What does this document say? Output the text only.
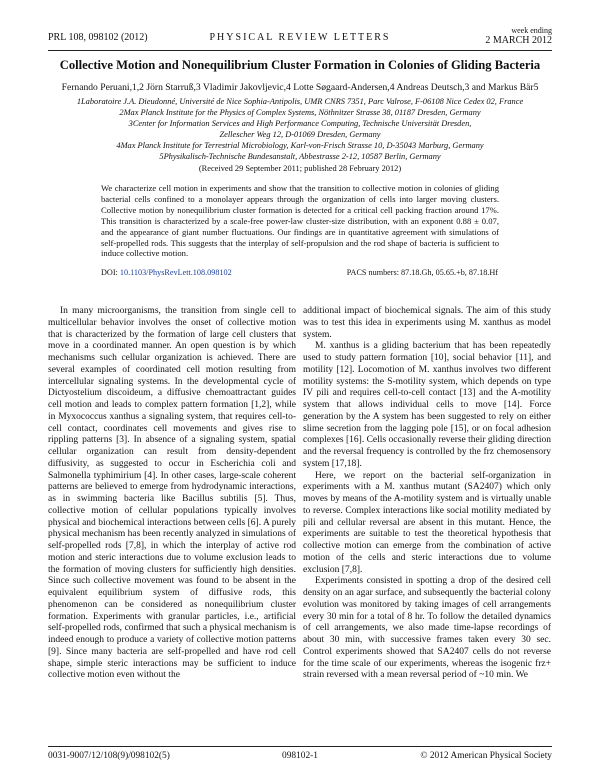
PRL 108, 098102 (2012)	PHYSICAL REVIEW LETTERS
week ending
2 MARCH 2012
Collective Motion and Nonequilibrium Cluster Formation in Colonies of Gliding Bacteria
Fernando Peruani,1,2 Jörn Starruß,3 Vladimir Jakovljevic,4 Lotte Søgaard-Andersen,4 Andreas Deutsch,3 and Markus Bär5
1Laboratoire J.A. Dieudonné, Université de Nice Sophia-Antipolis, UMR CNRS 7351, Parc Valrose, F-06108 Nice Cedex 02, France
2Max Planck Institute for the Physics of Complex Systems, Nöthnitzer Strasse 38, 01187 Dresden, Germany
3Center for Information Services and High Performance Computing, Technische Universität Dresden,
Zellescher Weg 12, D-01069 Dresden, Germany
4Max Planck Institute for Terrestrial Microbiology, Karl-von-Frisch Strasse 10, D-35043 Marburg, Germany
5Physikalisch-Technische Bundesanstalt, Abbestrasse 2-12, 10587 Berlin, Germany
(Received 29 September 2011; published 28 February 2012)
We characterize cell motion in experiments and show that the transition to collective motion in colonies of gliding bacterial cells confined to a monolayer appears through the organization of cells into larger moving clusters. Collective motion by nonequilibrium cluster formation is detected for a critical cell packing fraction around 17%. This transition is characterized by a scale-free power-law cluster-size distribution, with an exponent 0.88 ± 0.07, and the appearance of giant number fluctuations. Our findings are in quantitative agreement with simulations of self-propelled rods. This suggests that the interplay of self-propulsion and the rod shape of bacteria is sufficient to induce collective motion.
DOI: 10.1103/PhysRevLett.108.098102	PACS numbers: 87.18.Gh, 05.65.+b, 87.18.Hf

In many microorganisms, the transition from single cell to multicellular behavior involves the onset of collective motion that is characterized by the formation of large cell clusters that move in a coordinated manner. An open question is by which mechanisms such cellular organization is achieved. There are several examples of coordinated cell motion resulting from intercellular signaling systems. In the developmental cycle of Dictyostelium discoideum, a diffusive chemoattractant guides cell motion and leads to complex pattern formation [1,2], while in Myxococcus xanthus a signaling system, that requires cell-to-cell contact, coordinates cell movements and gives rise to rippling patterns [3]. In absence of a signaling system, spatial cellular organization can result from density-dependent diffusivity, as suggested to occur in Escherichia coli and Salmonella typhimirium [4]. In other cases, large-scale coherent patterns are believed to emerge from hydrodynamic interactions, as in swimming bacteria like Bacillus subtilis [5]. Thus, collective motion of cellular populations typically involves physical and biochemical interactions between cells [6]. A purely physical mechanism has been recently analyzed in simulations of self-propelled rods [7,8], in which the interplay of active rod motion and steric interactions due to volume exclusion leads to the formation of moving clusters for sufficiently high densities. Since such collective movement was found to be absent in the equivalent equilibrium system of diffusive rods, this phenomenon can be considered as nonequilibrium cluster formation. Experiments with granular particles, i.e., artificial self-propelled rods, confirmed that such a physical mechanism is indeed enough to produce a variety of collective motion patterns [9]. Since many bacteria are self-propelled and have rod cell shape, simple steric interactions may be sufficient to induce collective motion even without the

additional impact of biochemical signals. The aim of this study was to test this idea in experiments using M. xanthus as model system.

M. xanthus is a gliding bacterium that has been repeatedly used to study pattern formation [10], social behavior [11], and motility [12]. Locomotion of M. xanthus involves two different motility systems: the S-motility system, which depends on type IV pili and requires cell-to-cell contact [13] and the A-motility system that allows individual cells to move [14]. Force generation by the A system has been suggested to rely on either slime secretion from the lagging pole [15], or on focal adhesion complexes [16]. Cells occasionally reverse their gliding direction and the reversal frequency is controlled by the frz chemosensory system [17,18].

Here, we report on the bacterial self-organization in experiments with a M. xanthus mutant (SA2407) which only moves by means of the A-motility system and is virtually unable to reverse. Complex interactions like social motility mediated by pili and cellular reversal are absent in this mutant. Hence, the experiments are suitable to test the theoretical hypothesis that collective motion can emerge from the combination of active motion of the cells and steric interactions due to volume exclusion [7,8].

Experiments consisted in spotting a drop of the desired cell density on an agar surface, and subsequently the bacterial colony evolution was monitored by taking images of cell arrangements every 30 min for a total of 8 hr. To follow the detailed dynamics of cell arrangements, we also made time-lapse recordings of about 30 min, with successive frames taken every 30 sec. Control experiments showed that SA2407 cells do not reverse for the time scale of our experiments, whereas the isogenic frz+ strain reversed with a mean reversal period of ~10 min. We

0031-9007/12/108(9)/098102(5)	098102-1	© 2012 American Physical Society
